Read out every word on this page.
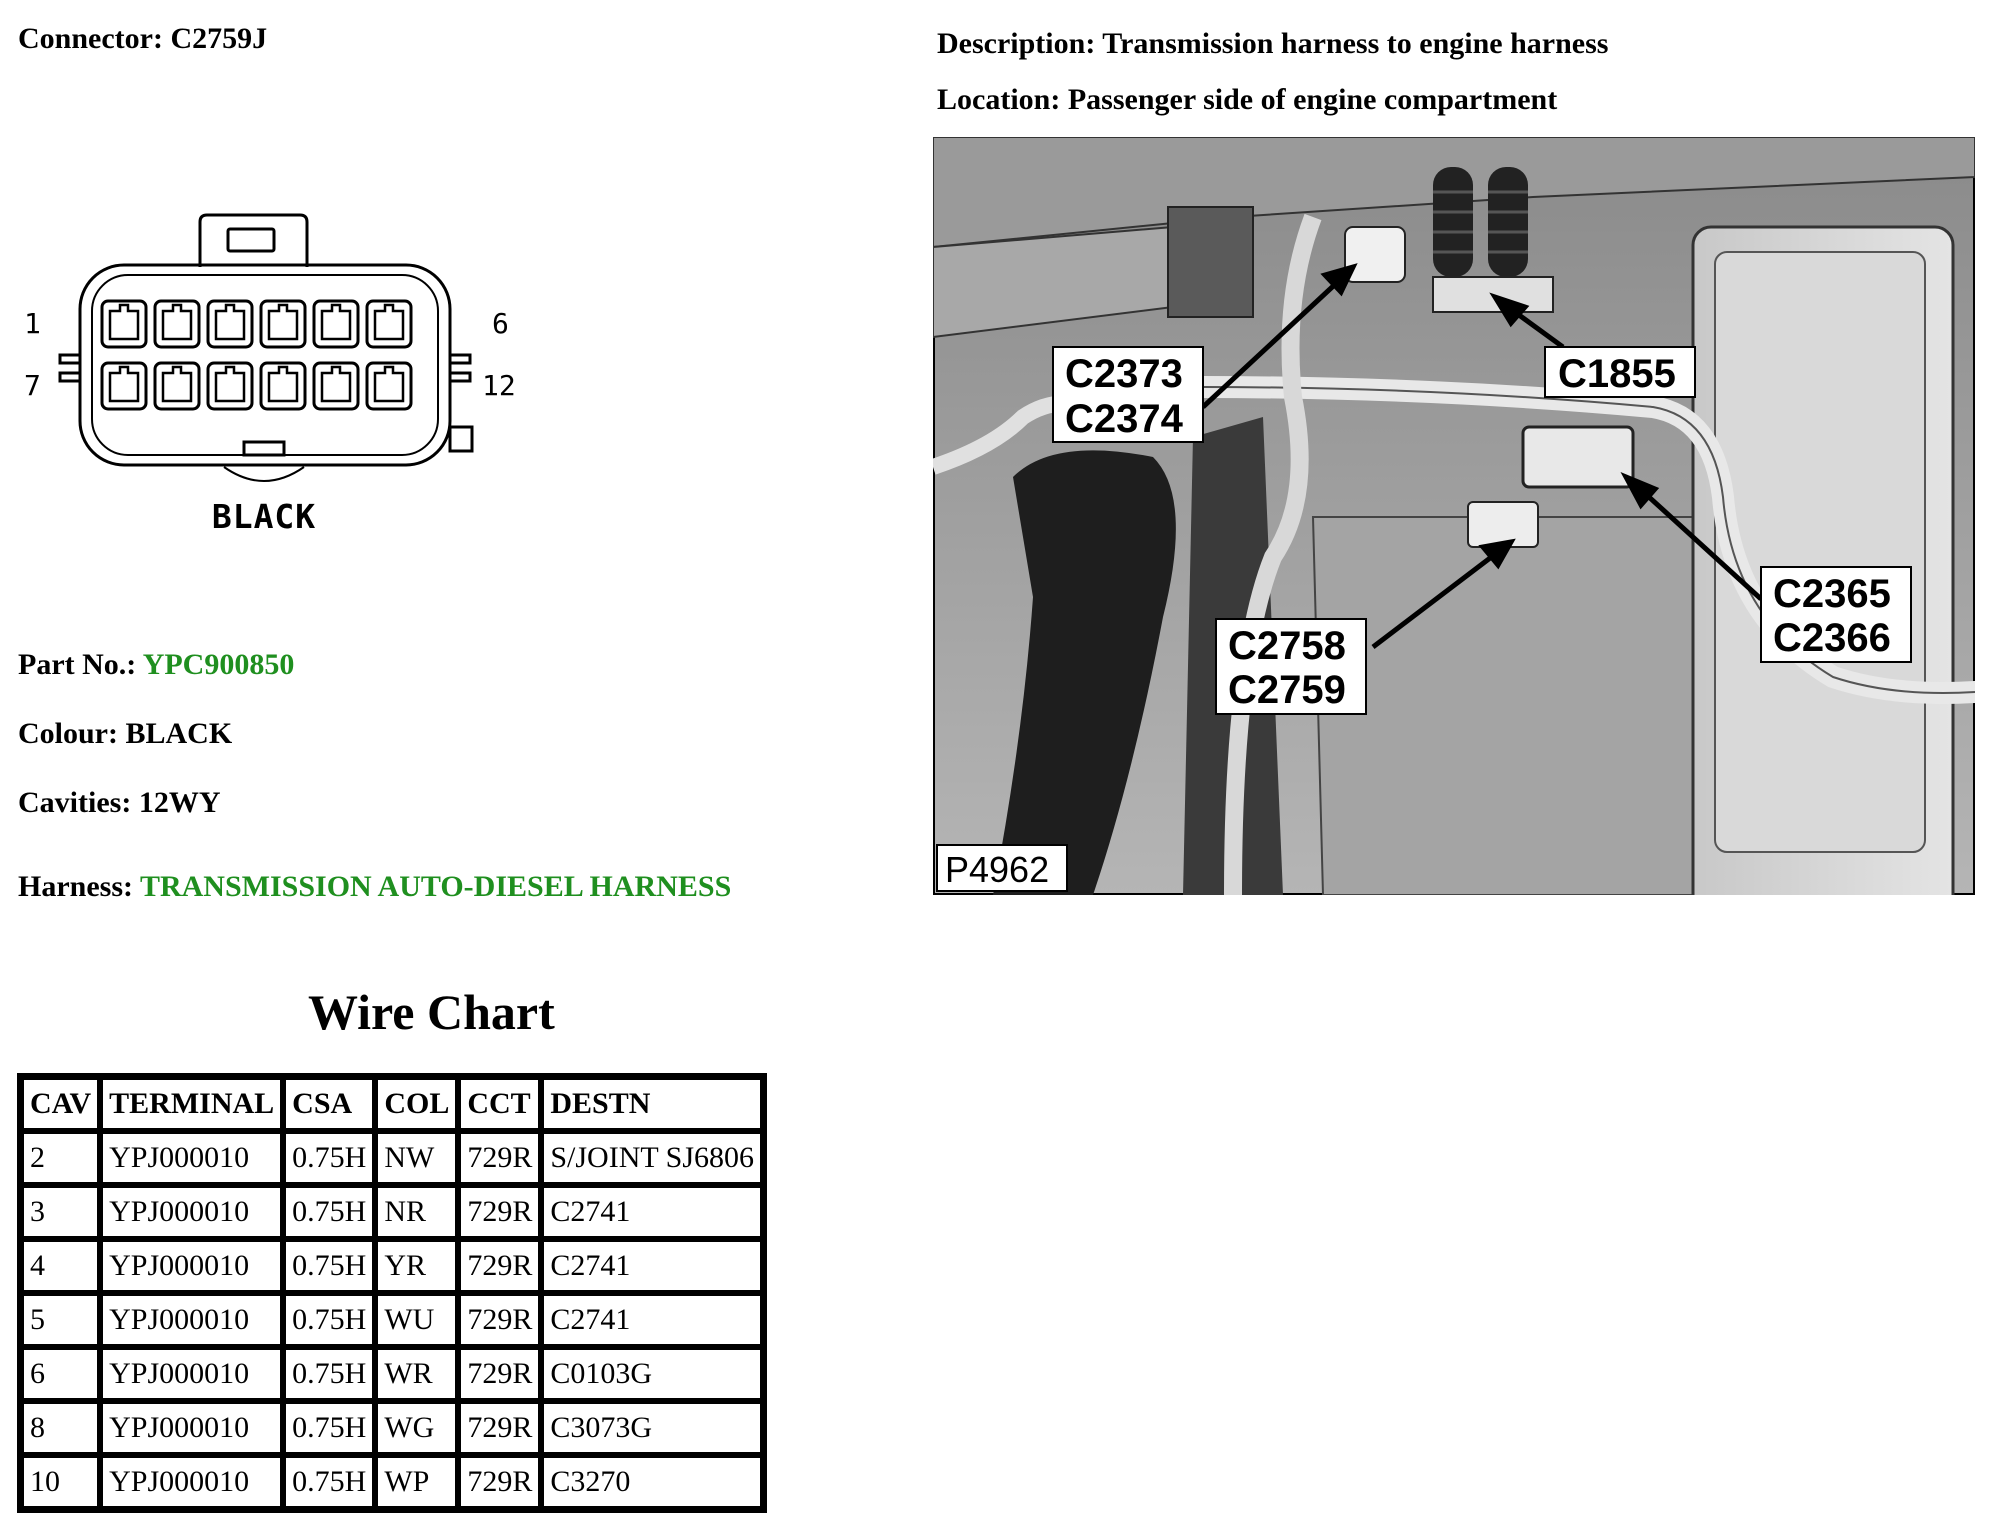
Connector: C2759J	Description: Transmission harness to engine harness
Location: Passenger side of engine compartment
1
7
6
12
BLACK
Part No.: YPC900850
Colour: BLACK
Cavities: 12WY
Harness: TRANSMISSION AUTO-DIESEL HARNESS
Wire Chart
CAV	TERMINAL	CSA	COL	CCT	DESTN
2	YPJ000010	0.75H	NW	729R	S/JOINT SJ6806
3	YPJ000010	0.75H	NR	729R	C2741
4	YPJ000010	0.75H	YR	729R	C2741
5	YPJ000010	0.75H	WU	729R	C2741
6	YPJ000010	0.75H	WR	729R	C0103G
8	YPJ000010	0.75H	WG	729R	C3073G
10	YPJ000010	0.75H	WP	729R	C3270
C2373
C2374
C1855
C2365
C2366
C2758
C2759
P4962
